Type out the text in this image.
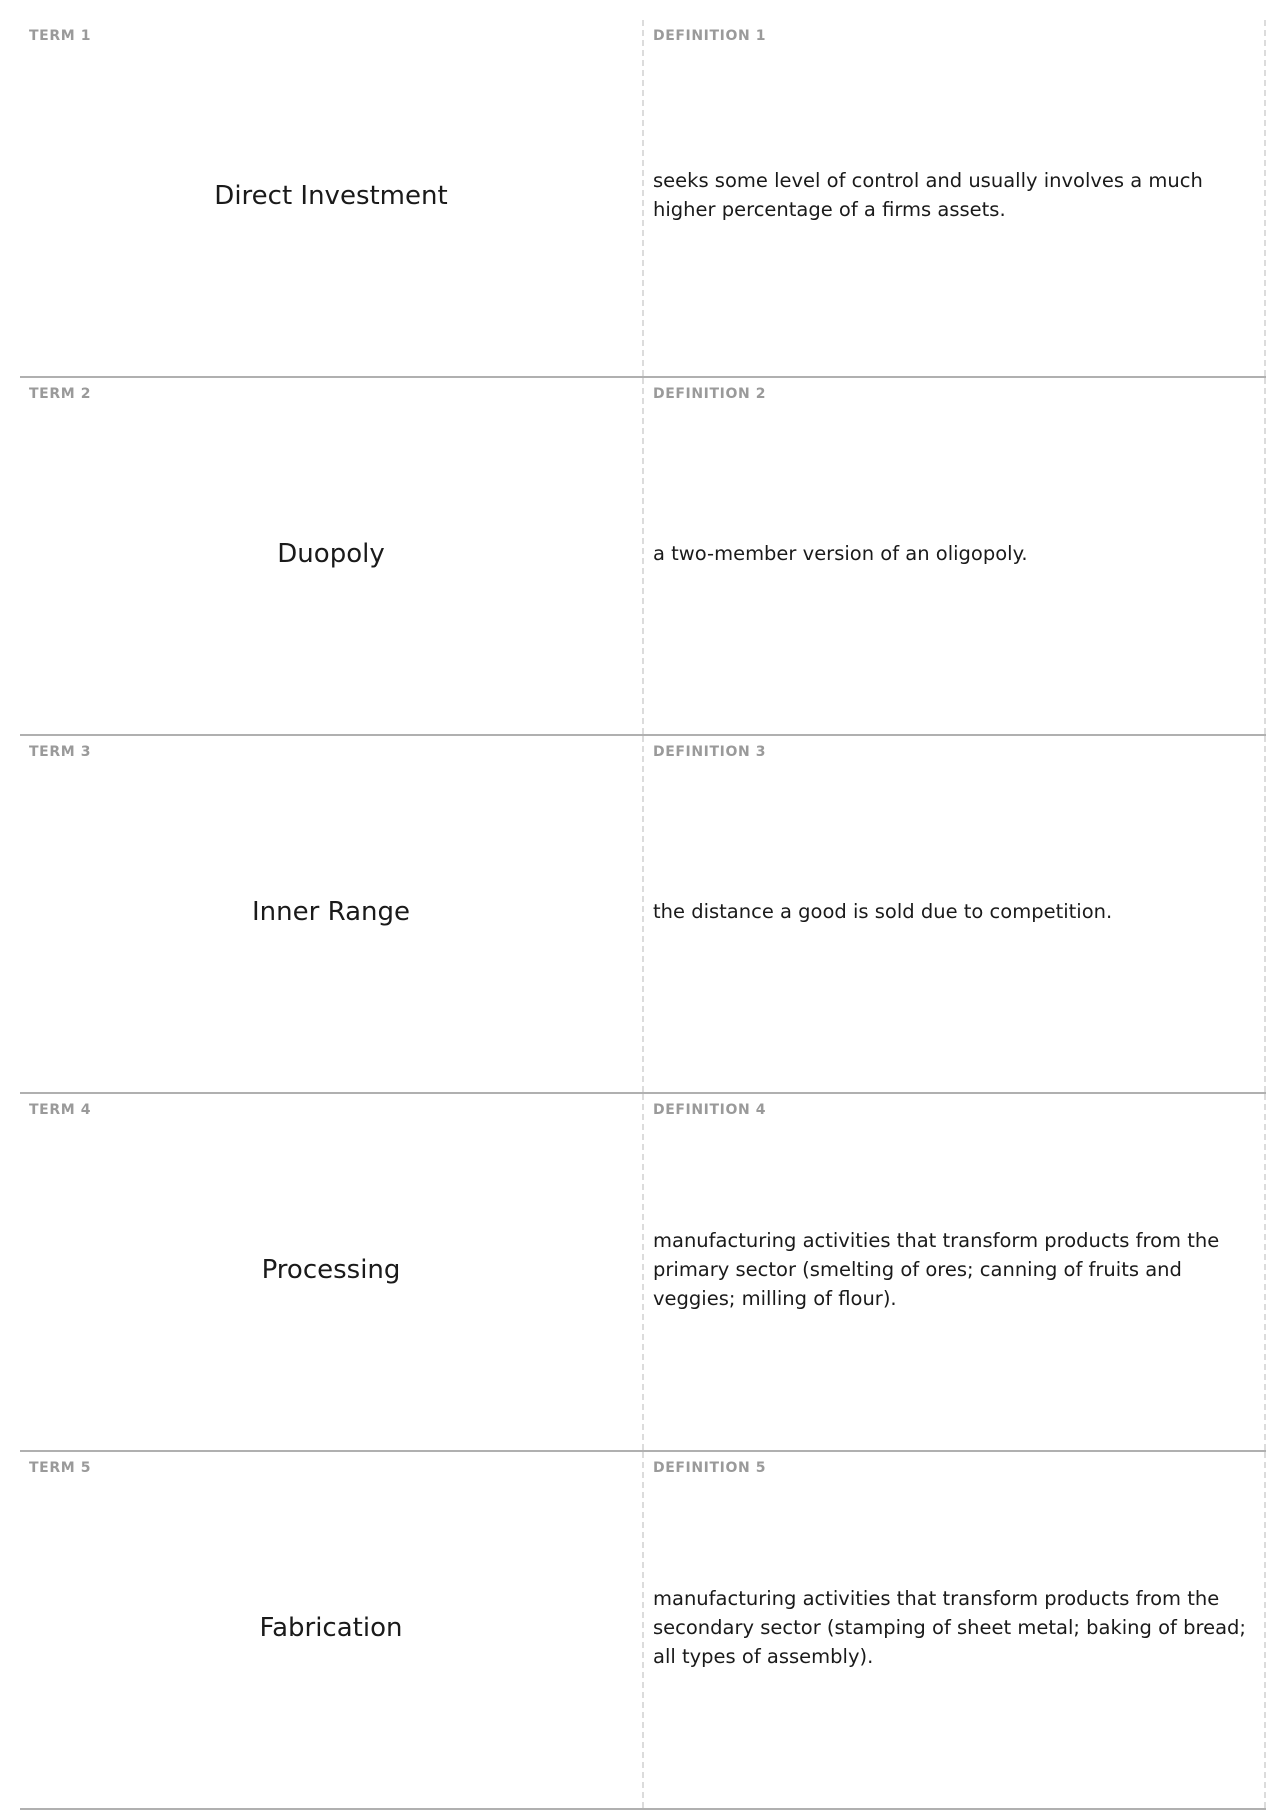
TERM 1
Direct Investment
DEFINITION 1
seeks some level of control and usually involves a much higher percentage of a firms assets.
TERM 2
Duopoly
DEFINITION 2
a two-member version of an oligopoly.
TERM 3
Inner Range
DEFINITION 3
the distance a good is sold due to competition.
TERM 4
Processing
DEFINITION 4
manufacturing activities that transform products from the primary sector (smelting of ores; canning of fruits and veggies; milling of flour).
TERM 5
Fabrication
DEFINITION 5
manufacturing activities that transform products from the secondary sector (stamping of sheet metal; baking of bread; all types of assembly).
